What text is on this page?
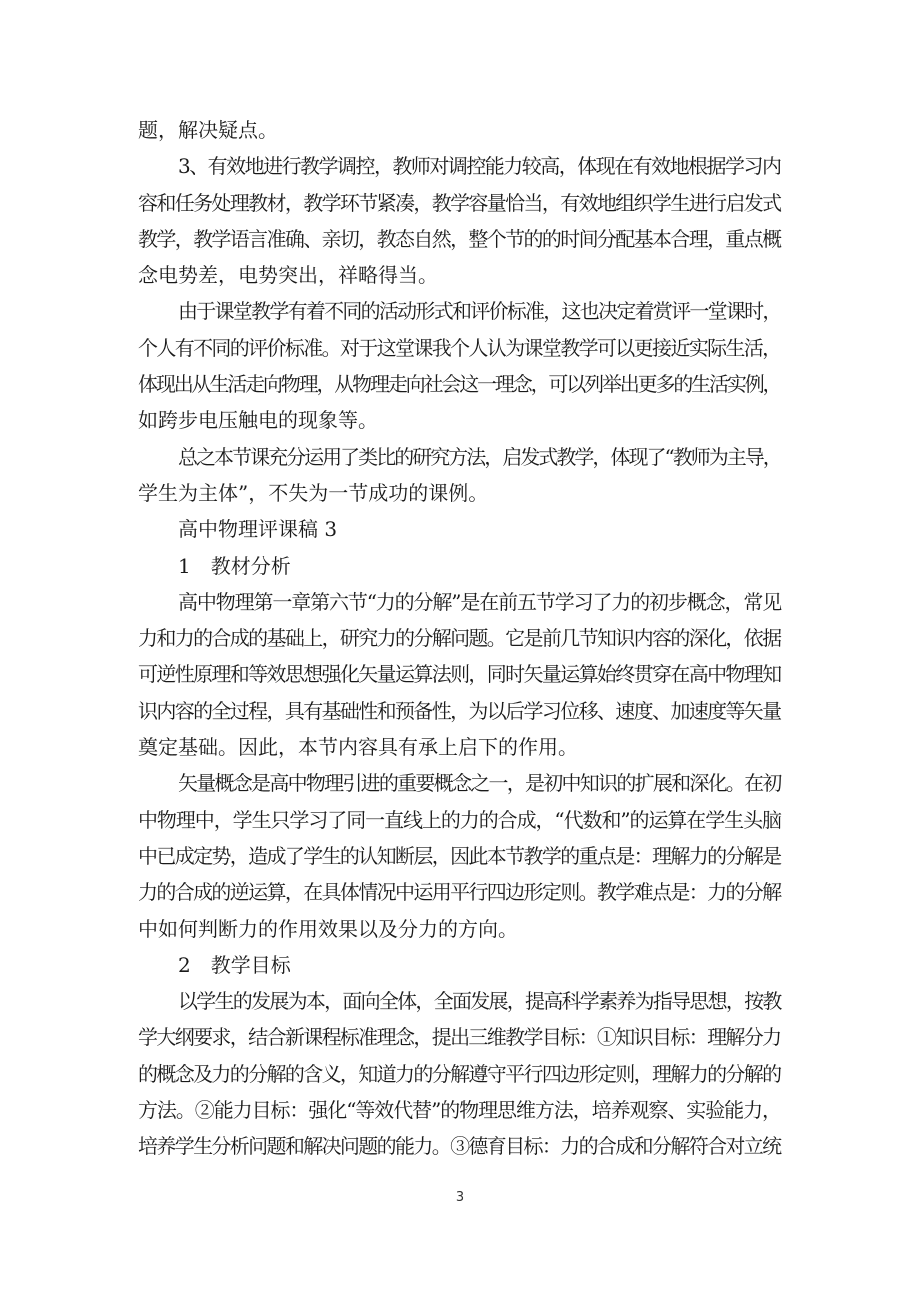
题，解决疑点。

3、有效地进行教学调控，教师对调控能力较高，体现在有效地根据学习内

容和任务处理教材，教学环节紧凑，教学容量恰当，有效地组织学生进行启发式

教学，教学语言准确、亲切，教态自然，整个节的的时间分配基本合理，重点概

念电势差，电势突出，祥略得当。

由于课堂教学有着不同的活动形式和评价标准，这也决定着赏评一堂课时，

个人有不同的评价标准。对于这堂课我个人认为课堂教学可以更接近实际生活，

体现出从生活走向物理，从物理走向社会这一理念，可以列举出更多的生活实例，

如跨步电压触电的现象等。

总之本节课充分运用了类比的研究方法，启发式教学，体现了“教师为主导，

学生为主体”，不失为一节成功的课例。

高中物理评课稿 3

1　教材分析

高中物理第一章第六节“力的分解”是在前五节学习了力的初步概念，常见

力和力的合成的基础上，研究力的分解问题。它是前几节知识内容的深化，依据

可逆性原理和等效思想强化矢量运算法则，同时矢量运算始终贯穿在高中物理知

识内容的全过程，具有基础性和预备性，为以后学习位移、速度、加速度等矢量

奠定基础。因此，本节内容具有承上启下的作用。

矢量概念是高中物理引进的重要概念之一，是初中知识的扩展和深化。在初

中物理中，学生只学习了同一直线上的力的合成，“代数和”的运算在学生头脑

中已成定势，造成了学生的认知断层，因此本节教学的重点是：理解力的分解是

力的合成的逆运算，在具体情况中运用平行四边形定则。教学难点是：力的分解

中如何判断力的作用效果以及分力的方向。

2　教学目标

以学生的发展为本，面向全体，全面发展，提高科学素养为指导思想，按教

学大纲要求，结合新课程标准理念，提出三维教学目标：①知识目标：理解分力

的概念及力的分解的含义，知道力的分解遵守平行四边形定则，理解力的分解的

方法。②能力目标：强化“等效代替”的物理思维方法，培养观察、实验能力，

培养学生分析问题和解决问题的能力。③德育目标：力的合成和分解符合对立统

3
